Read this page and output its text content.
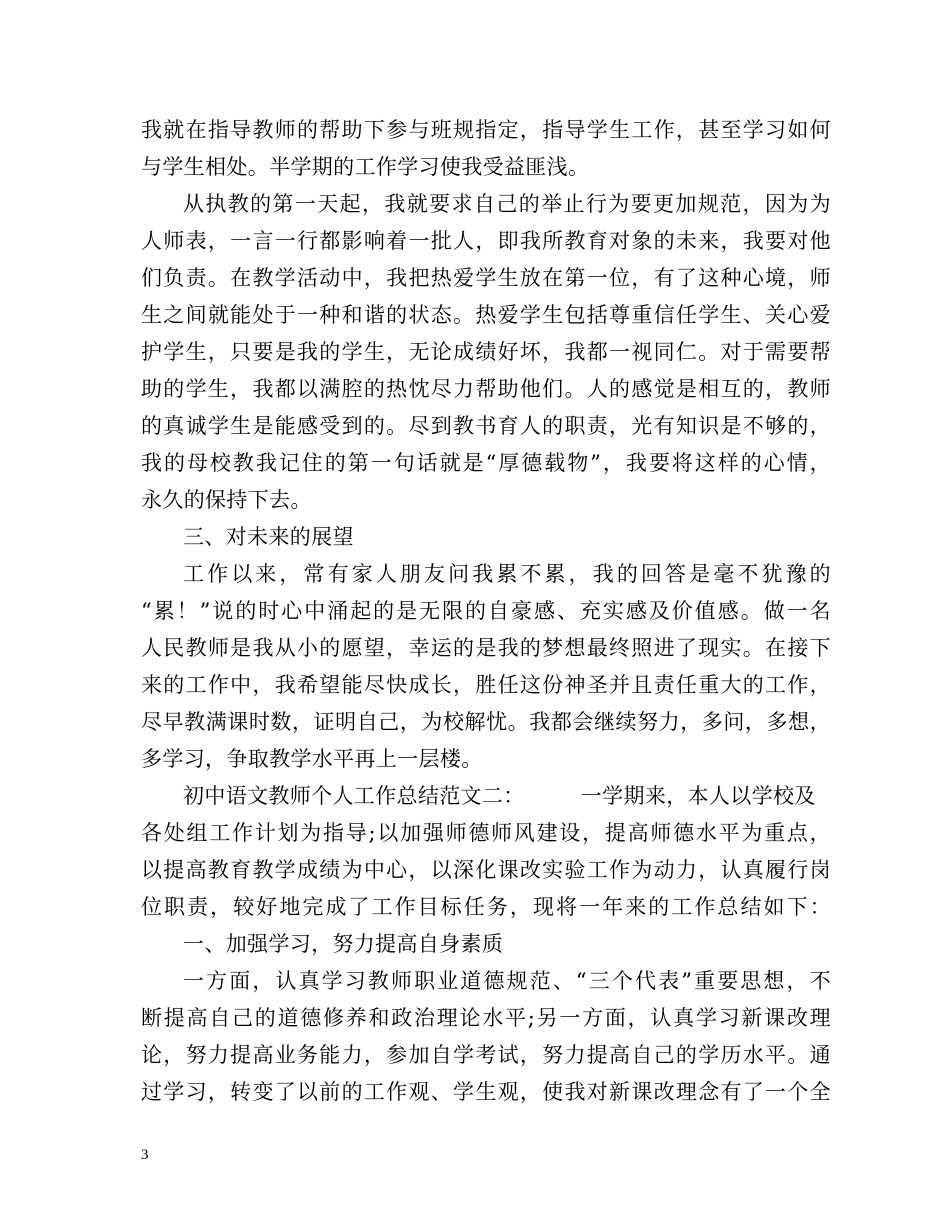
我就在指导教师的帮助下参与班规指定，指导学生工作，甚至学习如何
与学生相处。半学期的工作学习使我受益匪浅。
从执教的第一天起，我就要求自己的举止行为要更加规范，因为为
人师表，一言一行都影响着一批人，即我所教育对象的未来，我要对他
们负责。在教学活动中，我把热爱学生放在第一位，有了这种心境，师
生之间就能处于一种和谐的状态。热爱学生包括尊重信任学生、关心爱
护学生，只要是我的学生，无论成绩好坏，我都一视同仁。对于需要帮
助的学生，我都以满腔的热忱尽力帮助他们。人的感觉是相互的，教师
的真诚学生是能感受到的。尽到教书育人的职责，光有知识是不够的，
我的母校教我记住的第一句话就是“厚德载物”，我要将这样的心情，
永久的保持下去。
三、对未来的展望
工作以来，常有家人朋友问我累不累，我的回答是毫不犹豫的
“累！”说的时心中涌起的是无限的自豪感、充实感及价值感。做一名
人民教师是我从小的愿望，幸运的是我的梦想最终照进了现实。在接下
来的工作中，我希望能尽快成长，胜任这份神圣并且责任重大的工作，
尽早教满课时数，证明自己，为校解忧。我都会继续努力，多问，多想，
多学习，争取教学水平再上一层楼。
初中语文教师个人工作总结范文二：        一学期来，本人以学校及
各处组工作计划为指导;以加强师德师风建设，提高师德水平为重点，
以提高教育教学成绩为中心，以深化课改实验工作为动力，认真履行岗
位职责，较好地完成了工作目标任务，现将一年来的工作总结如下：
一、加强学习，努力提高自身素质
一方面，认真学习教师职业道德规范、“三个代表”重要思想，不
断提高自己的道德修养和政治理论水平;另一方面，认真学习新课改理
论，努力提高业务能力，参加自学考试，努力提高自己的学历水平。通
过学习，转变了以前的工作观、学生观，使我对新课改理念有了一个全
3
